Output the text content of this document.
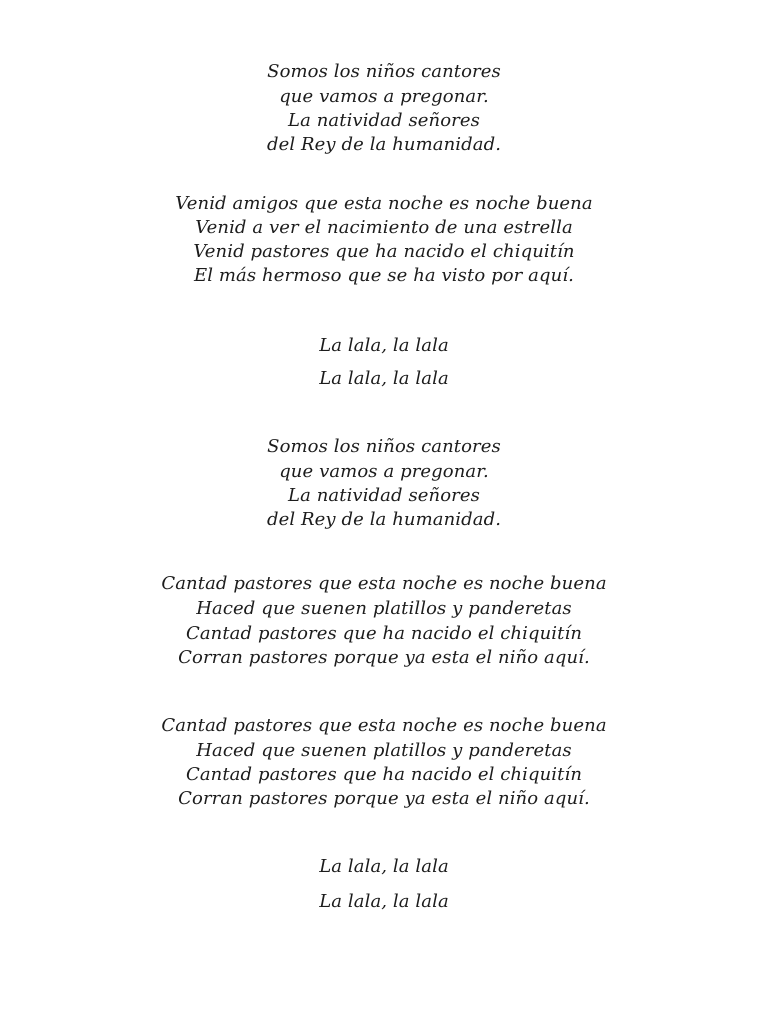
Somos los niños cantores
que vamos a pregonar.
La natividad señores
del Rey de la humanidad.
Venid amigos que esta noche es noche buena
Venid a ver el nacimiento de una estrella
Venid pastores que ha nacido el chiquitín
El más hermoso que se ha visto por aquí.
La lala, la lala
La lala, la lala
Somos los niños cantores
que vamos a pregonar.
La natividad señores
del Rey de la humanidad.
Cantad pastores que esta noche es noche buena
Haced que suenen platillos y panderetas
Cantad pastores que ha nacido el chiquitín
Corran pastores porque ya esta el niño aquí.
Cantad pastores que esta noche es noche buena
Haced que suenen platillos y panderetas
Cantad pastores que ha nacido el chiquitín
Corran pastores porque ya esta el niño aquí.
La lala, la lala
La lala, la lala
